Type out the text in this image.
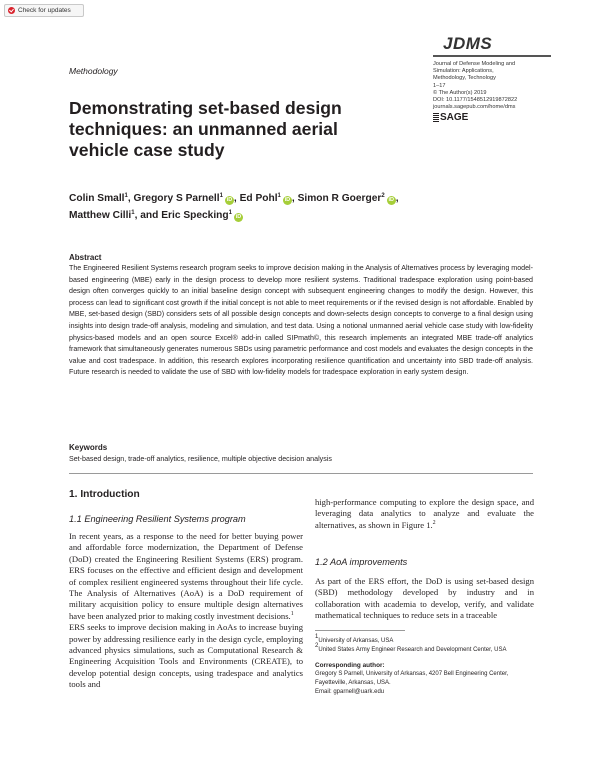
Check for updates
Methodology
JDMS
Journal of Defense Modeling and
Simulation: Applications,
Methodology, Technology
1–17
© The Author(s) 2019
DOI: 10.1177/1548512919872822
journals.sagepub.com/home/dms
SAGE
Demonstrating set-based design techniques: an unmanned aerial vehicle case study
Colin Small$^1$, Gregory S Parnell$^1$iD , Ed Pohl$^1$iD , Simon R Goerger$^2$iD ,
Matthew Cilli$^1$, and Eric Specking$^1$iD
Abstract

The Engineered Resilient Systems research program seeks to improve decision making in the Analysis of Alternatives process by leveraging model-based engineering (MBE) early in the design process to develop more resilient systems. Traditional tradespace exploration using point-based design often converges quickly to an initial baseline design concept with subsequent engineering changes to modify the design. However, this process can lead to significant cost growth if the initial concept is not able to meet requirements or if the revised design is not affordable. Enabled by MBE, set-based design (SBD) considers sets of all possible design concepts and down-selects design concepts to converge to a final design using insights into design trade-off analysis, modeling and simulation, and test data. Using a notional unmanned aerial vehicle case study with low-fidelity physics-based models and an open source Excel® add-in called SIPmath©, this research implements an integrated MBE trade-off analytics framework that simultaneously generates numerous SBDs using parametric performance and cost models and evaluates the design concepts in the value and cost tradespace. In addition, this research explores incorporating resilience quantification and uncertainty into SBD trade-off analysis. Future research is needed to validate the use of SBD with low-fidelity models for tradespace exploration in early system design.

Keywords

Set-based design, trade-off analytics, resilience, multiple objective decision analysis

1. Introduction
1.1 Engineering Resilient Systems program

In recent years, as a response to the need for better buying power and affordable force modernization, the Department of Defense (DoD) created the Engineering Resilient Systems (ERS) program. ERS focuses on the effective and efficient design and development of complex resilient engineered systems throughout their life cycle. The Analysis of Alternatives (AoA) is a DoD requirement of military acquisition policy to ensure multiple design alternatives have been analyzed prior to making costly investment decisions.$^1$

ERS seeks to improve decision making in AoAs to increase buying power by addressing resilience early in the design cycle, employing advanced physics simulations, such as Computational Research & Engineering Acquisition Tools and Environments (CREATE), to develop potential design concepts, using tradespace and analytics tools and

high-performance computing to explore the design space, and leveraging data analytics to analyze and evaluate the alternatives, as shown in Figure 1.$^2$

1.2 AoA improvements

As part of the ERS effort, the DoD is using set-based design (SBD) methodology developed by industry and in collaboration with academia to develop, verify, and validate mathematical techniques to reduce sets in a traceable

$^1$University of Arkansas, USA
$^2$United States Army Engineer Research and Development Center, USA
Corresponding author:
Gregory S Parnell, University of Arkansas, 4207 Bell Engineering Center,
Fayetteville, Arkansas, USA.
Email: gparnell@uark.edu
